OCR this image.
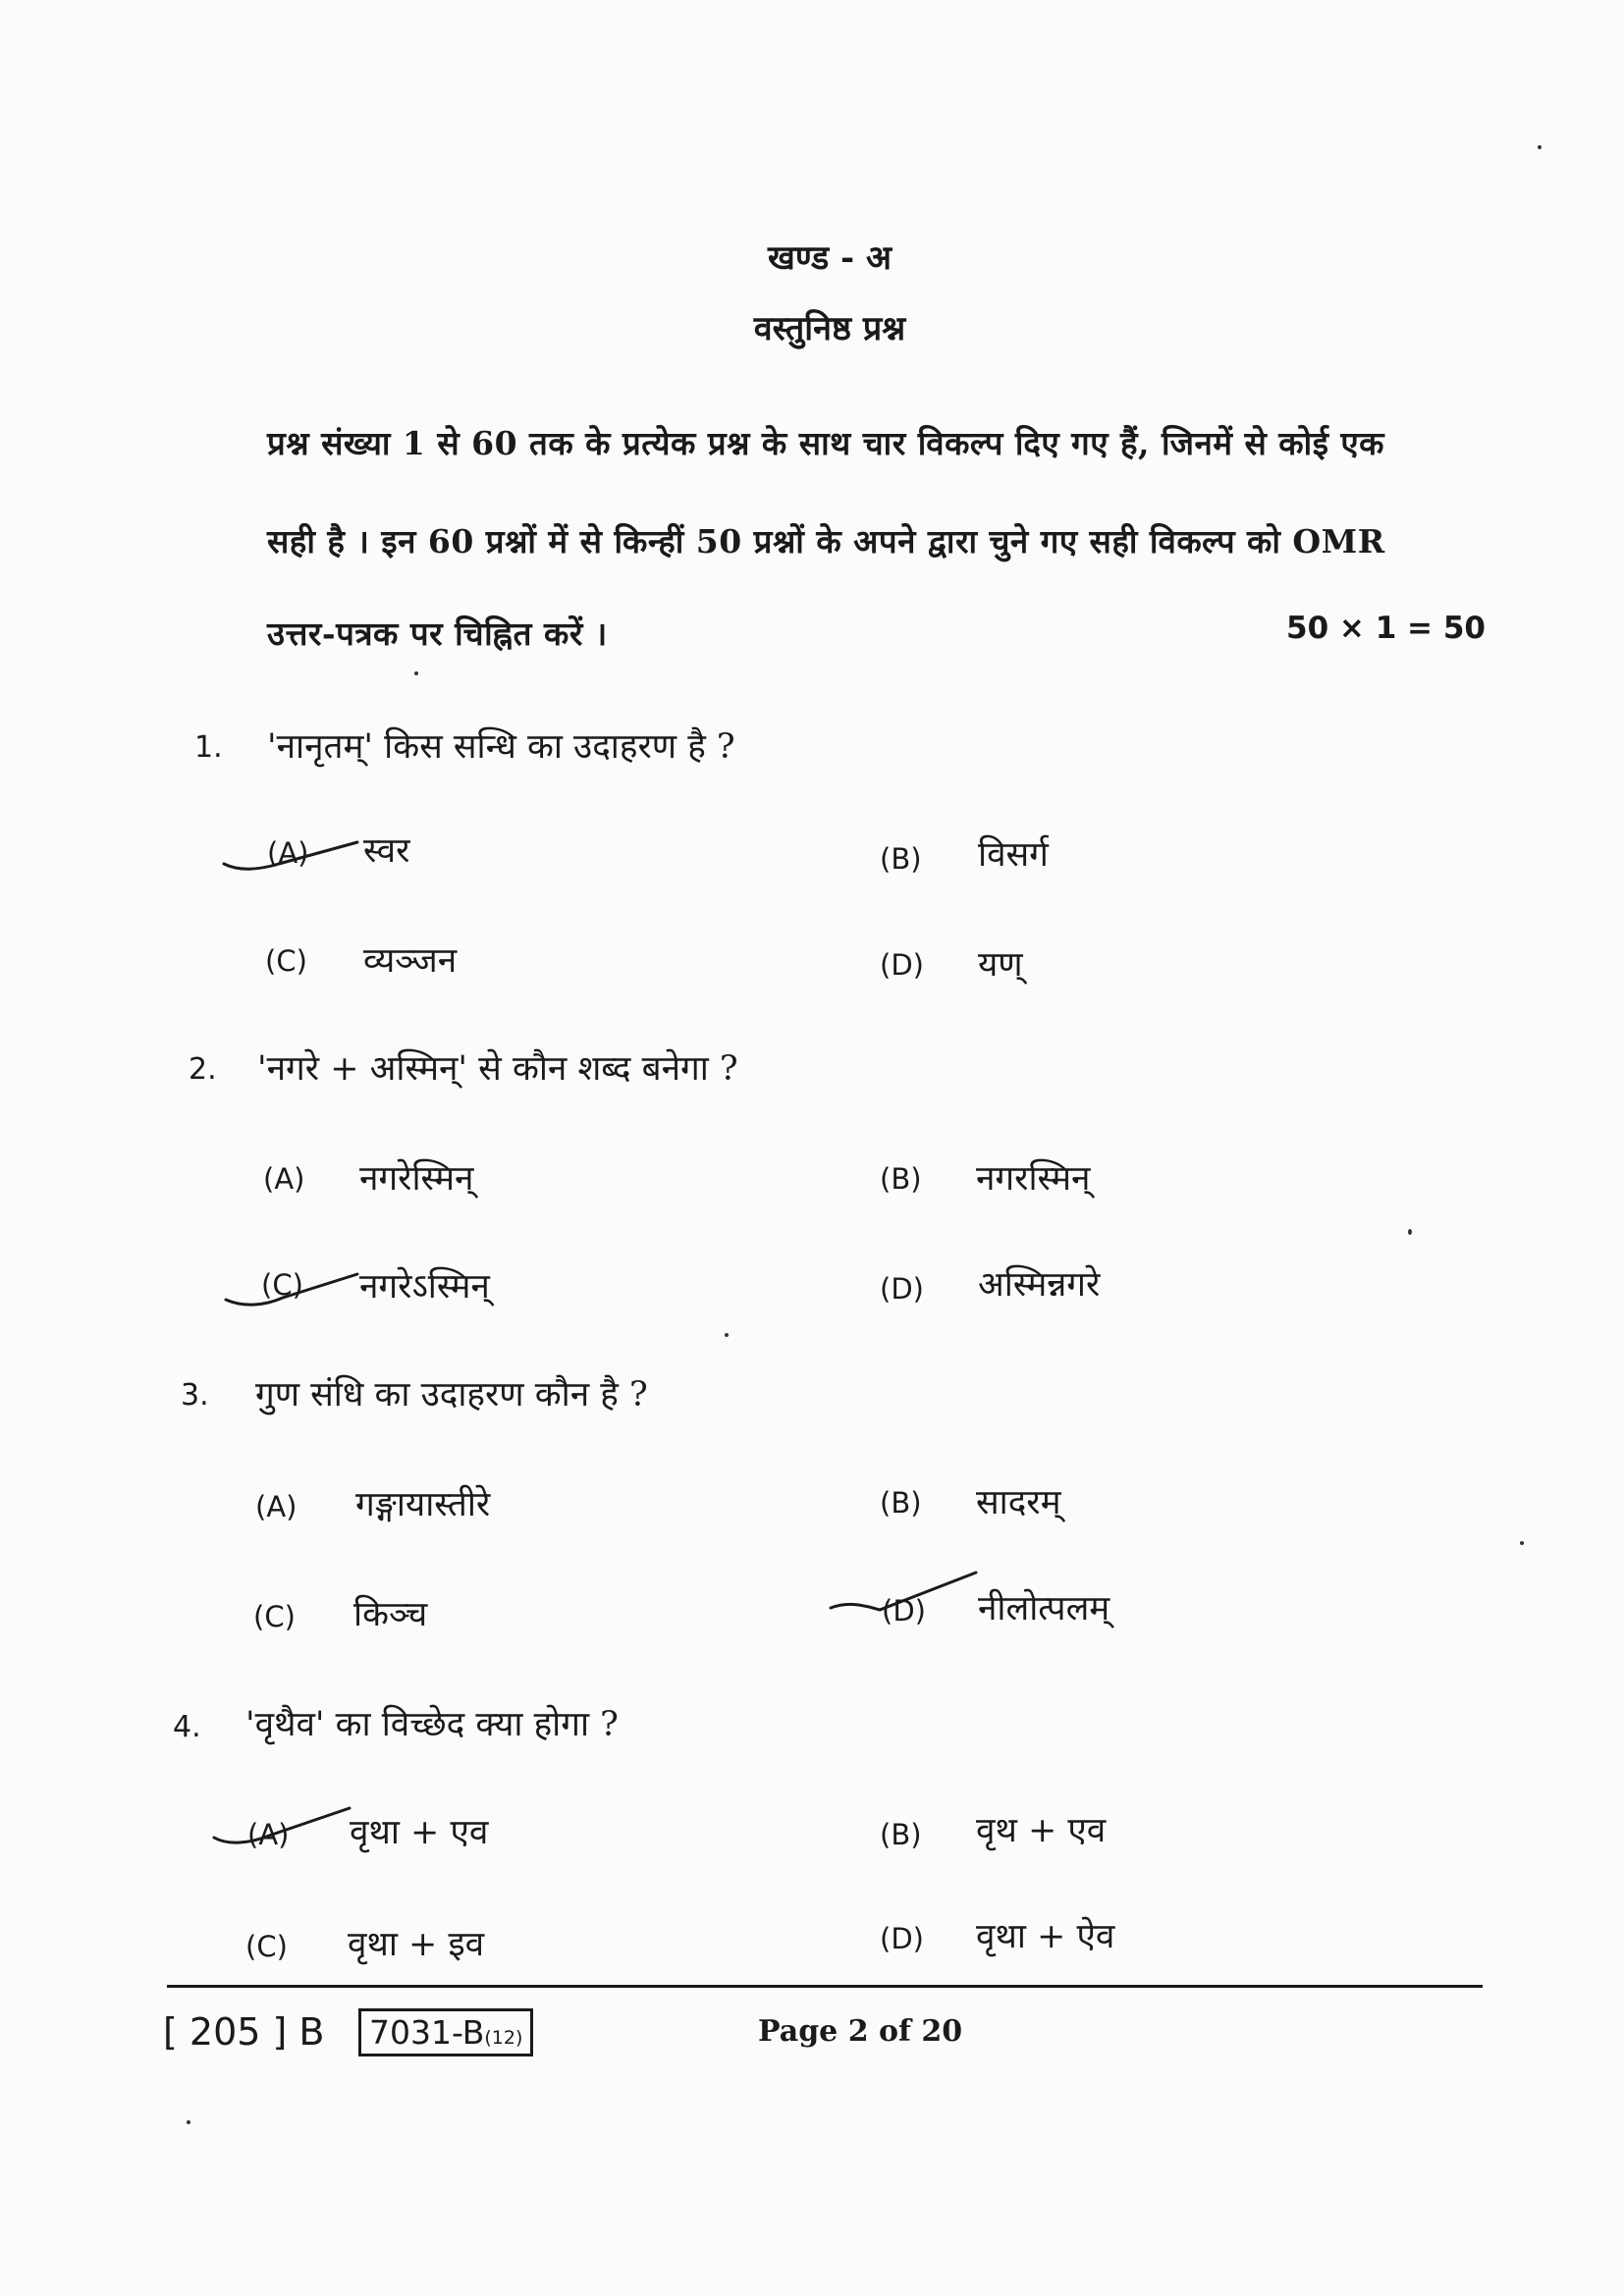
खण्ड - अ
वस्तुनिष्ठ प्रश्न
प्रश्न संख्या 1 से 60 तक के प्रत्येक प्रश्न के साथ चार विकल्प दिए गए हैं, जिनमें से कोई एक
सही है । इन 60 प्रश्नों में से किन्हीं 50 प्रश्नों के अपने द्वारा चुने गए सही विकल्प को OMR
उत्तर-पत्रक पर चिह्नित करें ।	50 × 1 = 50
1. 'नानृतम्' किस सन्धि का उदाहरण है ?
(A) स्वर	(B) विसर्ग
(C) व्यञ्जन	(D) यण्
2. 'नगरे + अस्मिन्' से कौन शब्द बनेगा ?
(A) नगरेस्मिन्	(B) नगरस्मिन्
(C) नगरेऽस्मिन्	(D) अस्मिन्नगरे
3. गुण संधि का उदाहरण कौन है ?
(A) गङ्गायास्तीरे	(B) सादरम्
(C) किञ्च	(D) नीलोत्पलम्
4. 'वृथैव' का विच्छेद क्या होगा ?
(A) वृथा + एव	(B) वृथ + एव
(C) वृथा + इव	(D) वृथा + ऐव
[ 205 ] B	7031-B(12)	Page 2 of 20
